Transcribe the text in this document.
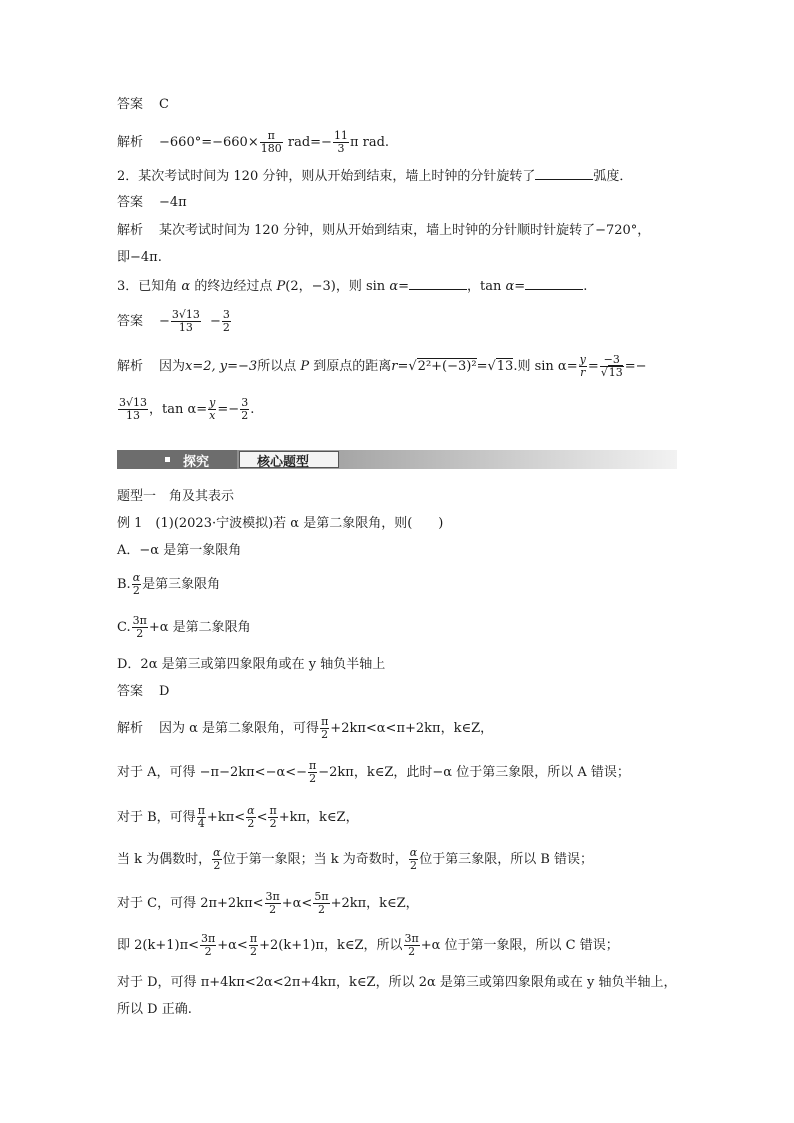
答案 C
解析 $-660^\circ=-660\times \frac{\pi}{180} rad=- \frac{11}{3}$ π rad.
2．某次考试时间为 120 分钟，则从开始到结束，墙上时钟的分针旋转了	弧度．
答案 −4π
解析 某次考试时间为 120 分钟，则从开始到结束，墙上时钟的分针顺时针旋转了−720°，
即−4π.
3．已知角 α 的终边经过点 P(2，−3)，则 sin α=	，tan α=	.
答案 − $\frac{3√13}{13} - \frac{3}{2}$
解析 因为x=2, y=−3所以点 P 到原点的距离r=√2²+(−3)²=√13.则 $\sin \alpha= \frac{y}{r} = \frac{-3}{√13}$ =−
$\frac{3√13}{13}$ ，$\tan \alpha= \frac{y}{x} =- \frac{3}{2}$ .
探究	核心题型
题型一　角及其表示
例 1　(1)(2023·宁波模拟)若 α 是第二象限角，则(　　)
A．−α 是第一象限角
B. $\frac{\alpha}{2}$ 是第三象限角
C. $\frac{3\pi}{2} +\alpha$ 是第二象限角
D．2α 是第三或第四象限角或在 y 轴负半轴上
答案 D
解析 因为 α 是第二象限角，可得 $\frac{\pi}{2} +2k\pi<\alpha<\pi+2k\pi$，k∈Z，
对于 A，可得 $-\pi-2k\pi<-\alpha<- \frac{\pi}{2} -2k\pi$，k∈Z，此时−α 位于第三象限，所以 A 错误；
对于 B，可得 $\frac{\pi}{4} +k\pi< \frac{\alpha}{2} < \frac{\pi}{2} +k\pi$，k∈Z，
当 k 为偶数时， $\frac{\alpha}{2}$ 位于第一象限；当 k 为奇数时， $\frac{\alpha}{2}$ 位于第三象限，所以 B 错误；
对于 C，可得 $2\pi+2k\pi< \frac{3\pi}{2} +\alpha< \frac{5\pi}{2} +2k\pi$，k∈Z，
即 $2(k+1)\pi< \frac{3\pi}{2} +\alpha< \frac{\pi}{2} +2(k+1)\pi$，k∈Z，所以 $\frac{3\pi}{2} +\alpha$ 位于第一象限，所以 C 错误；
对于 D，可得 π+4kπ<2α<2π+4kπ，k∈Z，所以 2α 是第三或第四象限角或在 y 轴负半轴上，
所以 D 正确.
